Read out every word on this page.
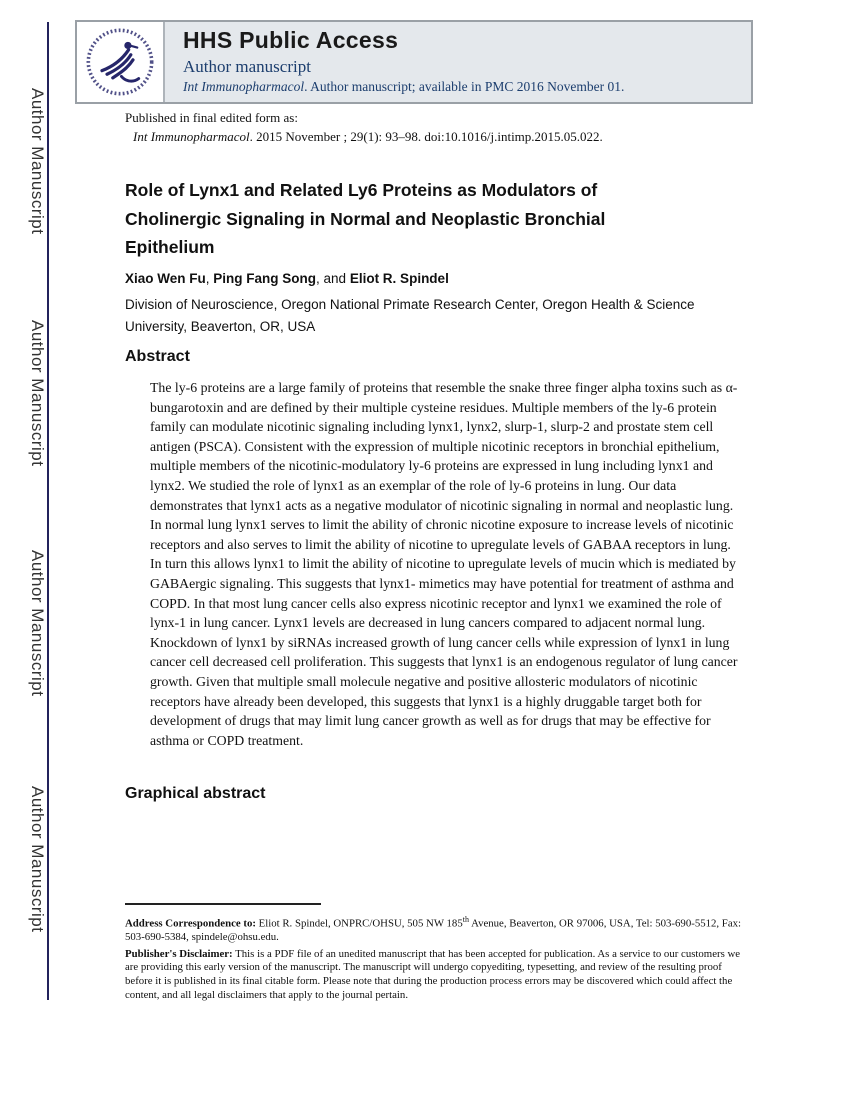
Author Manuscript
Author Manuscript
Author Manuscript
Author Manuscript
HHS Public Access
Author manuscript
Int Immunopharmacol. Author manuscript; available in PMC 2016 November 01.
Published in final edited form as:
Int Immunopharmacol. 2015 November ; 29(1): 93–98. doi:10.1016/j.intimp.2015.05.022.
Role of Lynx1 and Related Ly6 Proteins as Modulators of Cholinergic Signaling in Normal and Neoplastic Bronchial Epithelium
Xiao Wen Fu, Ping Fang Song, and Eliot R. Spindel
Division of Neuroscience, Oregon National Primate Research Center, Oregon Health & Science University, Beaverton, OR, USA
Abstract
The ly-6 proteins are a large family of proteins that resemble the snake three finger alpha toxins such as α-bungarotoxin and are defined by their multiple cysteine residues. Multiple members of the ly-6 protein family can modulate nicotinic signaling including lynx1, lynx2, slurp-1, slurp-2 and prostate stem cell antigen (PSCA). Consistent with the expression of multiple nicotinic receptors in bronchial epithelium, multiple members of the nicotinic-modulatory ly-6 proteins are expressed in lung including lynx1 and lynx2. We studied the role of lynx1 as an exemplar of the role of ly-6 proteins in lung. Our data demonstrates that lynx1 acts as a negative modulator of nicotinic signaling in normal and neoplastic lung. In normal lung lynx1 serves to limit the ability of chronic nicotine exposure to increase levels of nicotinic receptors and also serves to limit the ability of nicotine to upregulate levels of GABAA receptors in lung. In turn this allows lynx1 to limit the ability of nicotine to upregulate levels of mucin which is mediated by GABAergic signaling. This suggests that lynx1- mimetics may have potential for treatment of asthma and COPD. In that most lung cancer cells also express nicotinic receptor and lynx1 we examined the role of lynx-1 in lung cancer. Lynx1 levels are decreased in lung cancers compared to adjacent normal lung. Knockdown of lynx1 by siRNAs increased growth of lung cancer cells while expression of lynx1 in lung cancer cell decreased cell proliferation. This suggests that lynx1 is an endogenous regulator of lung cancer growth. Given that multiple small molecule negative and positive allosteric modulators of nicotinic receptors have already been developed, this suggests that lynx1 is a highly druggable target both for development of drugs that may limit lung cancer growth as well as for drugs that may be effective for asthma or COPD treatment.
Graphical abstract

Address Correspondence to: Eliot R. Spindel, ONPRC/OHSU, 505 NW 185th Avenue, Beaverton, OR 97006, USA, Tel: 503-690-5512, Fax: 503-690-5384, spindele@ohsu.edu.

Publisher's Disclaimer: This is a PDF file of an unedited manuscript that has been accepted for publication. As a service to our customers we are providing this early version of the manuscript. The manuscript will undergo copyediting, typesetting, and review of the resulting proof before it is published in its final citable form. Please note that during the production process errors may be discovered which could affect the content, and all legal disclaimers that apply to the journal pertain.
